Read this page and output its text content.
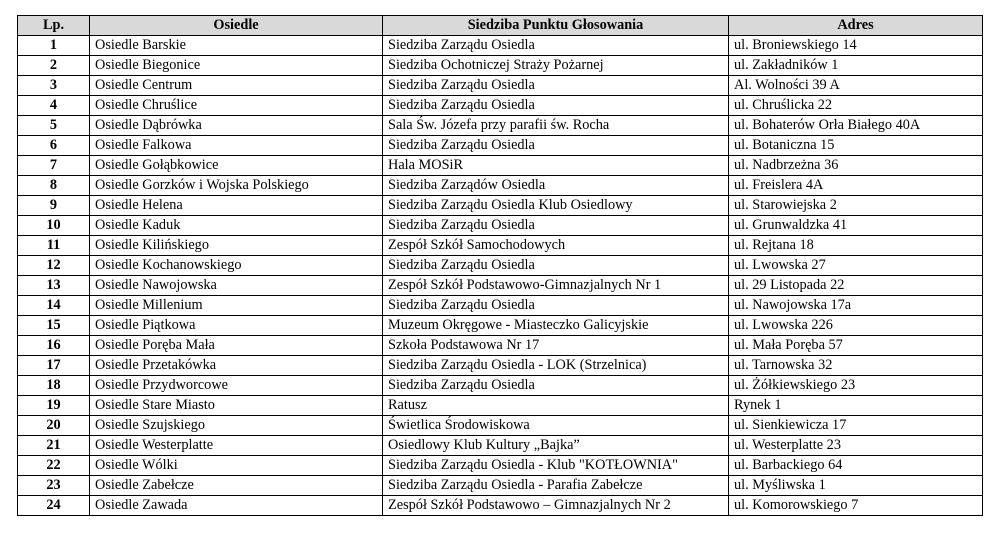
Lp.	Osiedle	Siedziba Punktu Głosowania	Adres
1	Osiedle Barskie	Siedziba Zarządu Osiedla	ul. Broniewskiego 14
2	Osiedle Biegonice	Siedziba Ochotniczej Straży Pożarnej	ul. Zakładników 1
3	Osiedle Centrum	Siedziba Zarządu Osiedla	Al. Wolności 39 A
4	Osiedle Chruślice	Siedziba Zarządu Osiedla	ul. Chruślicka 22
5	Osiedle Dąbrówka	Sala Św. Józefa przy parafii św. Rocha	ul. Bohaterów Orła Białego 40A
6	Osiedle Falkowa	Siedziba Zarządu Osiedla	ul. Botaniczna 15
7	Osiedle Gołąbkowice	Hala MOSiR	ul. Nadbrzeżna 36
8	Osiedle Gorzków i Wojska Polskiego	Siedziba Zarządów Osiedla	ul. Freislera 4A
9	Osiedle Helena	Siedziba Zarządu Osiedla Klub Osiedlowy	ul. Starowiejska 2
10	Osiedle Kaduk	Siedziba Zarządu Osiedla	ul. Grunwaldzka 41
11	Osiedle Kilińskiego	Zespół Szkół Samochodowych	ul. Rejtana 18
12	Osiedle Kochanowskiego	Siedziba Zarządu Osiedla	ul. Lwowska 27
13	Osiedle Nawojowska	Zespół Szkół Podstawowo-Gimnazjalnych Nr 1	ul. 29 Listopada 22
14	Osiedle Millenium	Siedziba Zarządu Osiedla	ul. Nawojowska 17a
15	Osiedle Piątkowa	Muzeum Okręgowe - Miasteczko Galicyjskie	ul. Lwowska 226
16	Osiedle Poręba Mała	Szkoła Podstawowa Nr 17	ul. Mała Poręba 57
17	Osiedle Przetakówka	Siedziba Zarządu Osiedla - LOK (Strzelnica)	ul. Tarnowska 32
18	Osiedle Przydworcowe	Siedziba Zarządu Osiedla	ul. Żółkiewskiego 23
19	Osiedle Stare Miasto	Ratusz	Rynek 1
20	Osiedle Szujskiego	Świetlica Środowiskowa	ul. Sienkiewicza 17
21	Osiedle Westerplatte	Osiedlowy Klub Kultury „Bajka”	ul. Westerplatte 23
22	Osiedle Wólki	Siedziba Zarządu Osiedla - Klub "KOTŁOWNIA"	ul. Barbackiego 64
23	Osiedle Zabełcze	Siedziba Zarządu Osiedla - Parafia Zabełcze	ul. Myśliwska 1
24	Osiedle Zawada	Zespół Szkół Podstawowo – Gimnazjalnych Nr 2	ul. Komorowskiego 7
